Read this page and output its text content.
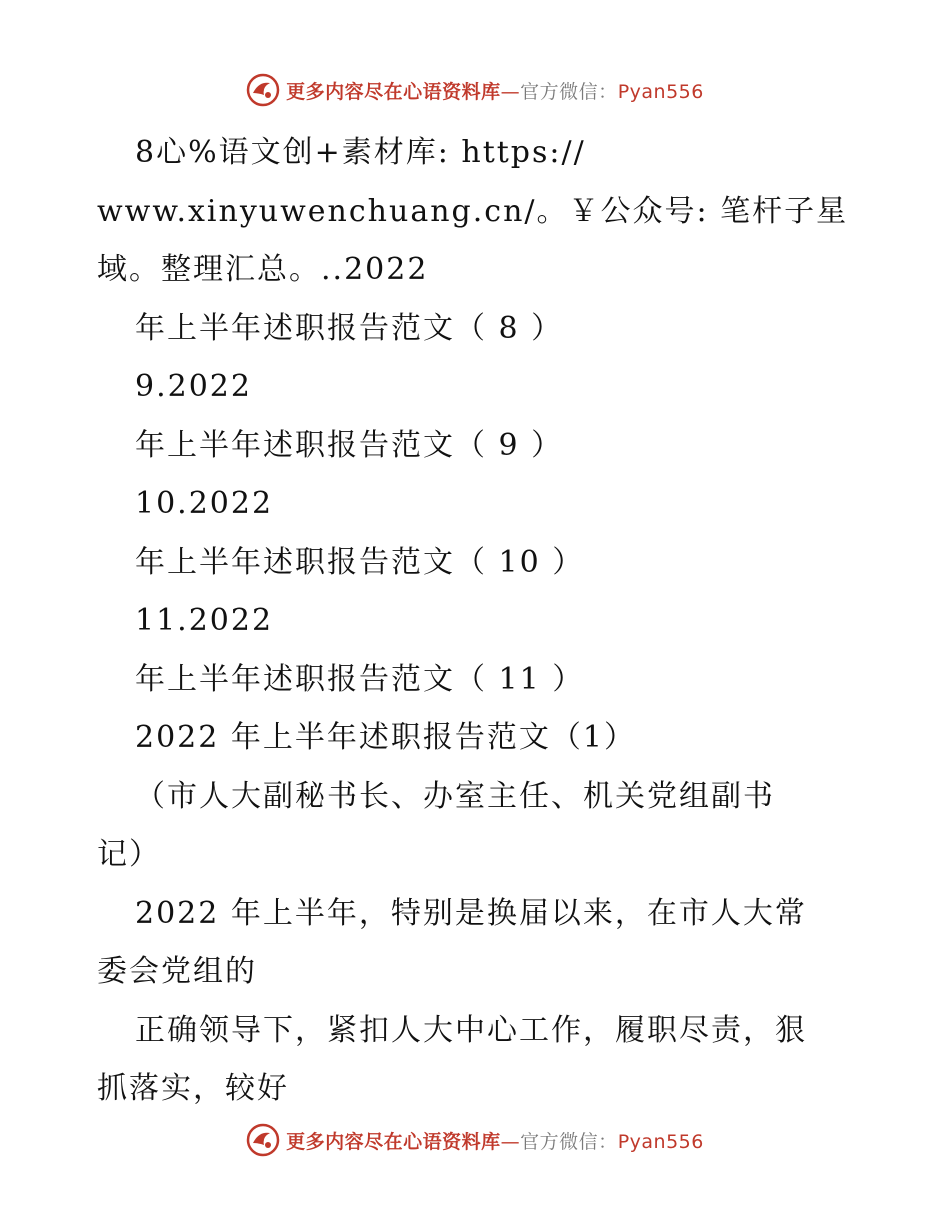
更多内容尽在心语资料库—官方微信：Pyan556
8心%语文创+素材库: https://
www.xinyuwenchuang.cn/。￥公众号: 笔杆子星
域。整理汇总。..2022
年上半年述职报告范文（ 8 ）
9.2022
年上半年述职报告范文（ 9 ）
10.2022
年上半年述职报告范文（ 10 ）
11.2022
年上半年述职报告范文（ 11 ）
2022 年上半年述职报告范文（1）
（市人大副秘书长、办室主任、机关党组副书
记）
2022 年上半年，特别是换届以来，在市人大常
委会党组的
正确领导下，紧扣人大中心工作，履职尽责，狠
抓落实，较好
更多内容尽在心语资料库—官方微信：Pyan556
